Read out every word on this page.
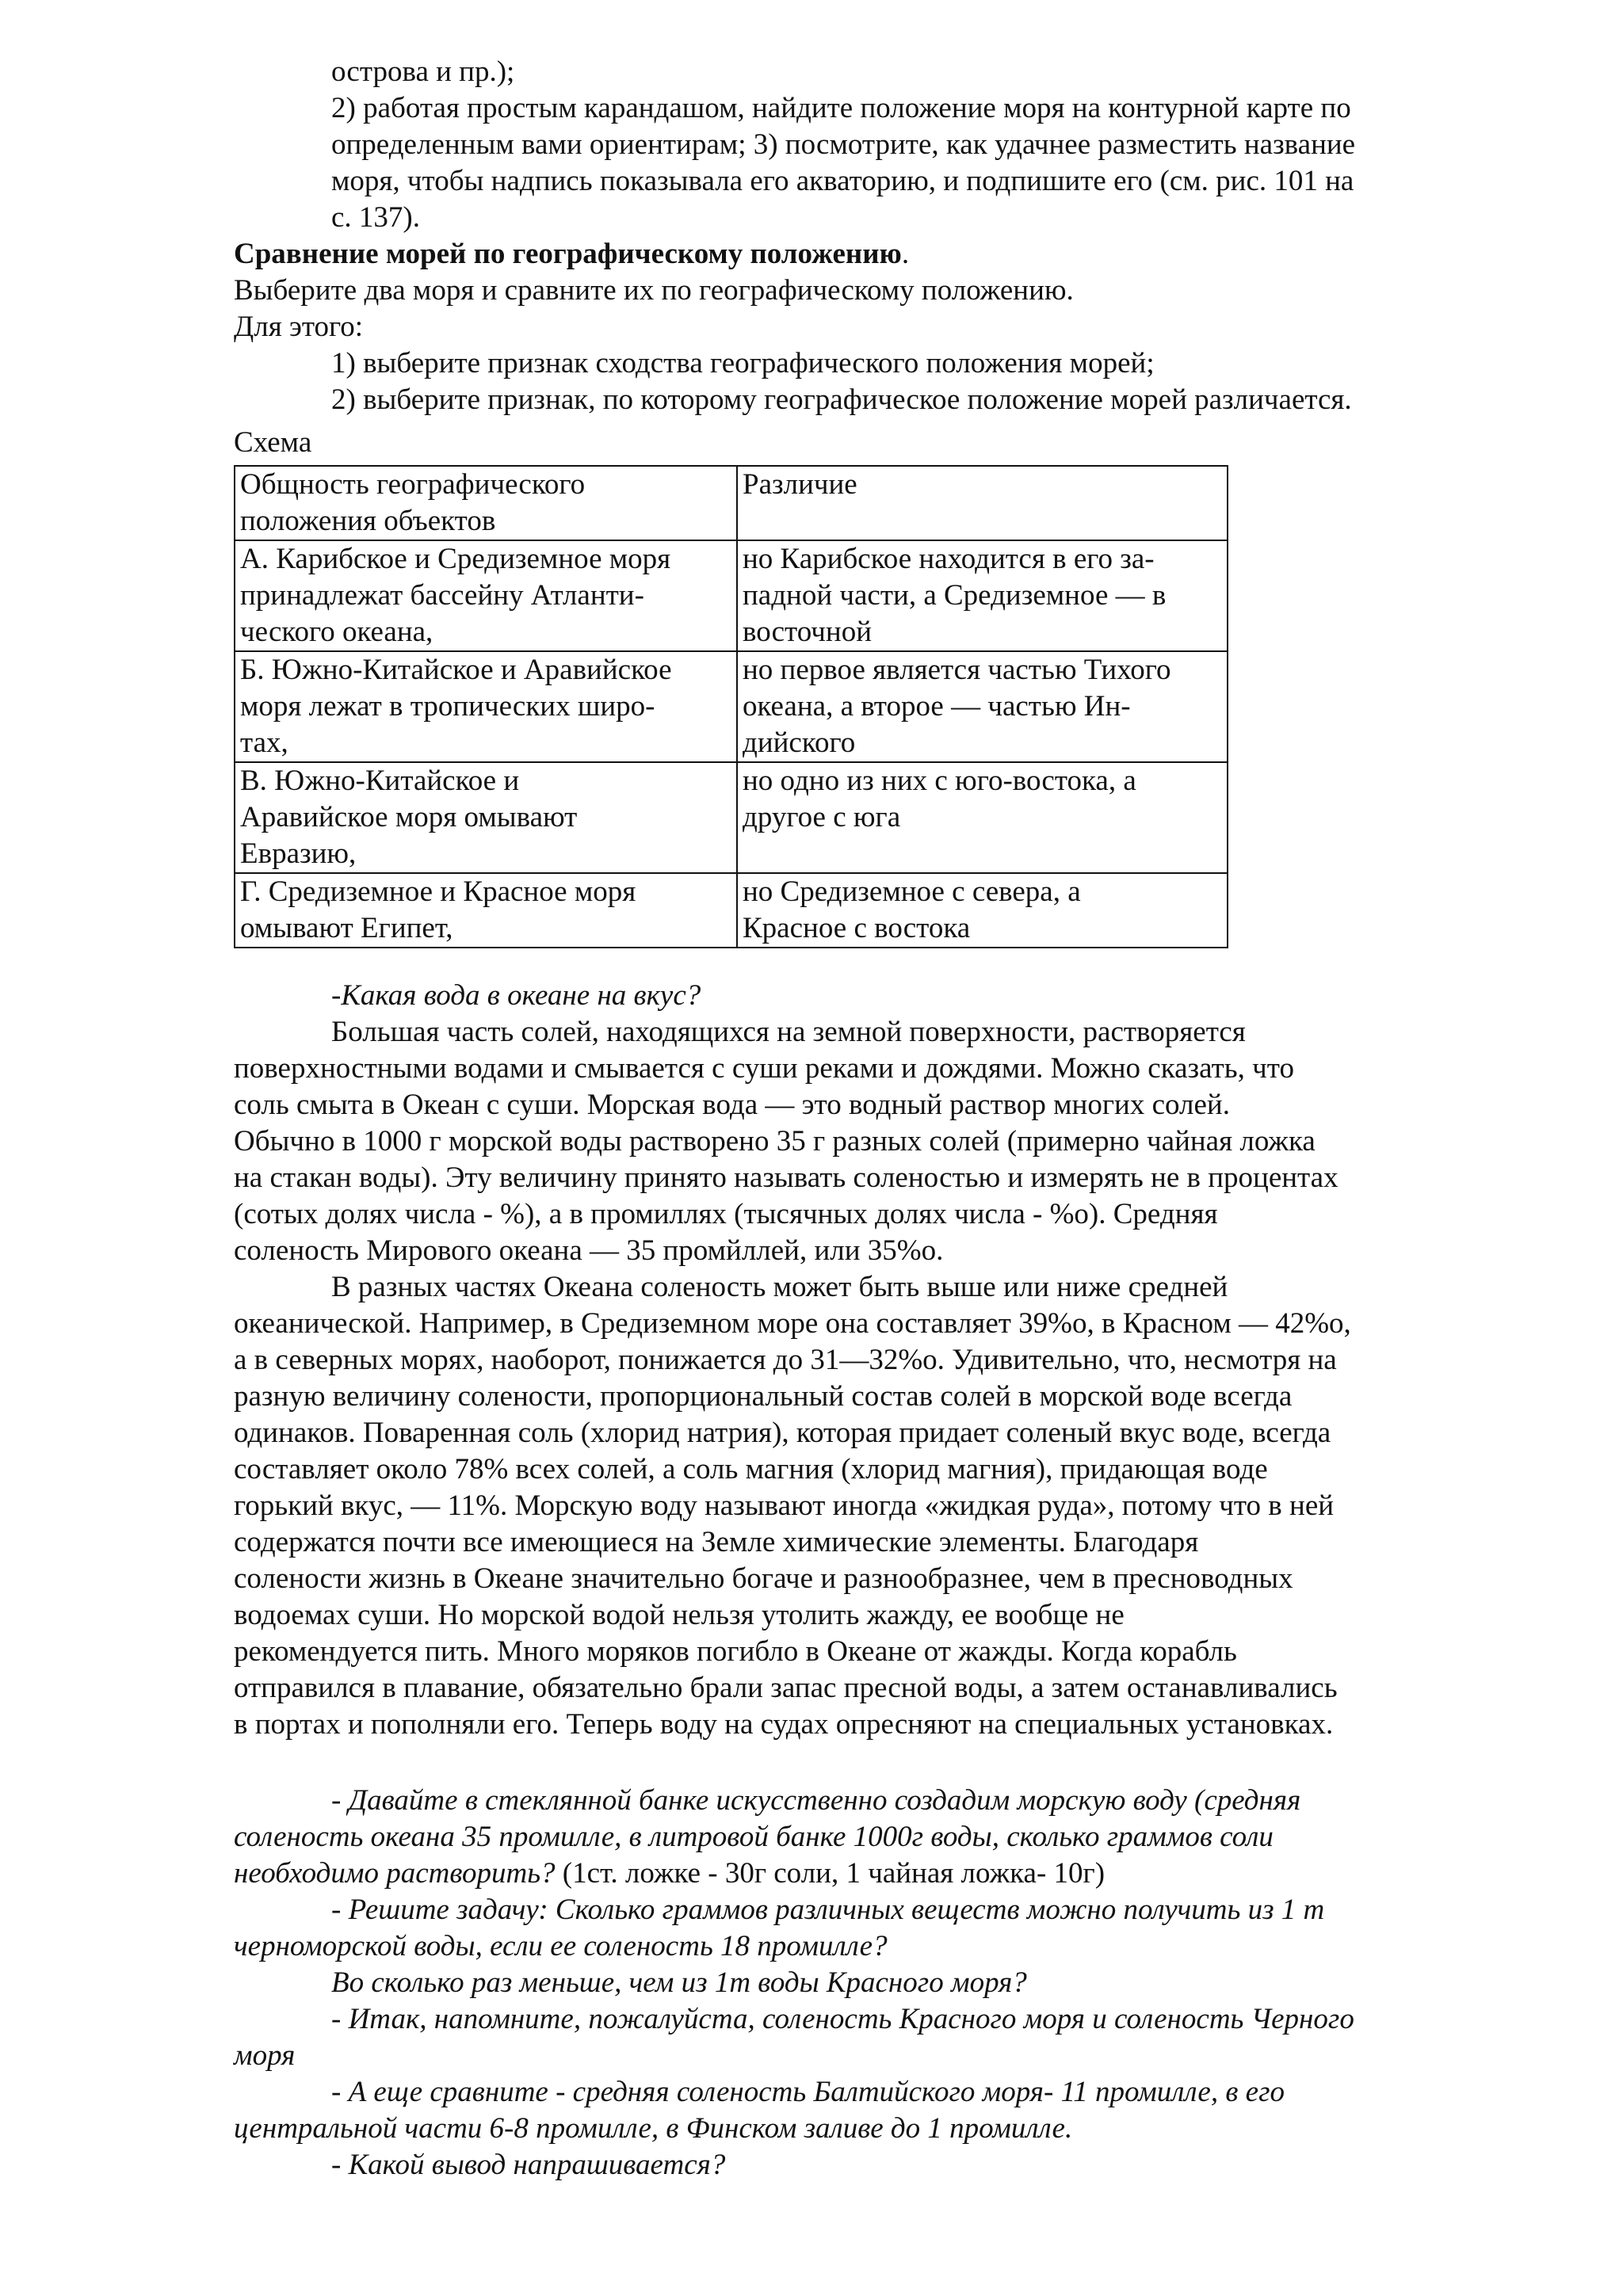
острова и пр.);

2) работая простым карандашом, найдите положение моря на контурной карте по

определенным вами ориентирам; 3) посмотрите, как удачнее разместить название

моря, чтобы надпись показывала его акваторию, и подпишите его (см. рис. 101 на

с. 137).

Сравнение морей по географическому положению.

Выберите два моря и сравните их по географическому положению.

Для этого:

1) выберите признак сходства географического положения морей;

2) выберите признак, по которому географическое положение морей различается.

Схема

Общность географического
положения объектов	Различие

А. Карибское и Средиземное моря
принадлежат бассейну Атланти-
ческого океана,	но Карибское находится в его за-
падной части, а Средиземное — в
восточной

Б. Южно-Китайское и Аравийское
моря лежат в тропических широ-
тах,	но первое является частью Тихого
океана, а второе — частью Ин-
дийского

В. Южно-Китайское и
Аравийское моря омывают
Евразию,	но одно из них с юго-востока, а
другое с юга

Г. Средиземное и Красное моря
омывают Египет,	но Средиземное с севера, а
Красное с востока

-Какая вода в океане на вкус?

Большая часть солей, находящихся на земной поверхности, растворяется

поверхностными водами и смывается с суши реками и дождями. Можно сказать, что

соль смыта в Океан с суши. Морская вода — это водный раствор многих солей.

Обычно в 1000 г морской воды растворено 35 г разных солей (примерно чайная ложка

на стакан воды). Эту величину принято называть соленостью и измерять не в процентах

(сотых долях числа - %), а в промиллях (тысячных долях числа - %о). Средняя

соленость Мирового океана — 35 промйллей, или 35%о.

В разных частях Океана соленость может быть выше или ниже средней

океанической. Например, в Средиземном море она составляет 39%о, в Красном — 42%о,

а в северных морях, наоборот, понижается до 31—32%о. Удивительно, что, несмотря на

разную величину солености, пропорциональный состав солей в морской воде всегда

одинаков. Поваренная соль (хлорид натрия), которая придает соленый вкус воде, всегда

составляет около 78% всех солей, а соль магния (хлорид магния), придающая воде

горький вкус, — 11%. Морскую воду называют иногда «жидкая руда», потому что в ней

содержатся почти все имеющиеся на Земле химические элементы. Благодаря

солености жизнь в Океане значительно богаче и разнообразнее, чем в пресноводных

водоемах суши. Но морской водой нельзя утолить жажду, ее вообще не

рекомендуется пить. Много моряков погибло в Океане от жажды. Когда корабль

отправился в плавание, обязательно брали запас пресной воды, а затем останавливались

в портах и пополняли его. Теперь воду на судах опресняют на специальных установках.

- Давайте в стеклянной банке искусственно создадим морскую воду (средняя

соленость океана 35 промилле, в литровой банке 1000г воды, сколько граммов соли

необходимо растворить? (1ст. ложке - 30г соли, 1 чайная ложка- 10г)

- Решите задачу: Сколько граммов различных веществ можно получить из 1 т

черноморской воды, если ее соленость 18 промилле?

Во сколько раз меньше, чем из 1т воды Красного моря?

- Итак, напомните, пожалуйста, соленость Красного моря и соленость Черного

моря

- А еще сравните - средняя соленость Балтийского моря- 11 промилле, в его

центральной части 6-8 промилле, в Финском заливе до 1 промилле.

- Какой вывод напрашивается?
